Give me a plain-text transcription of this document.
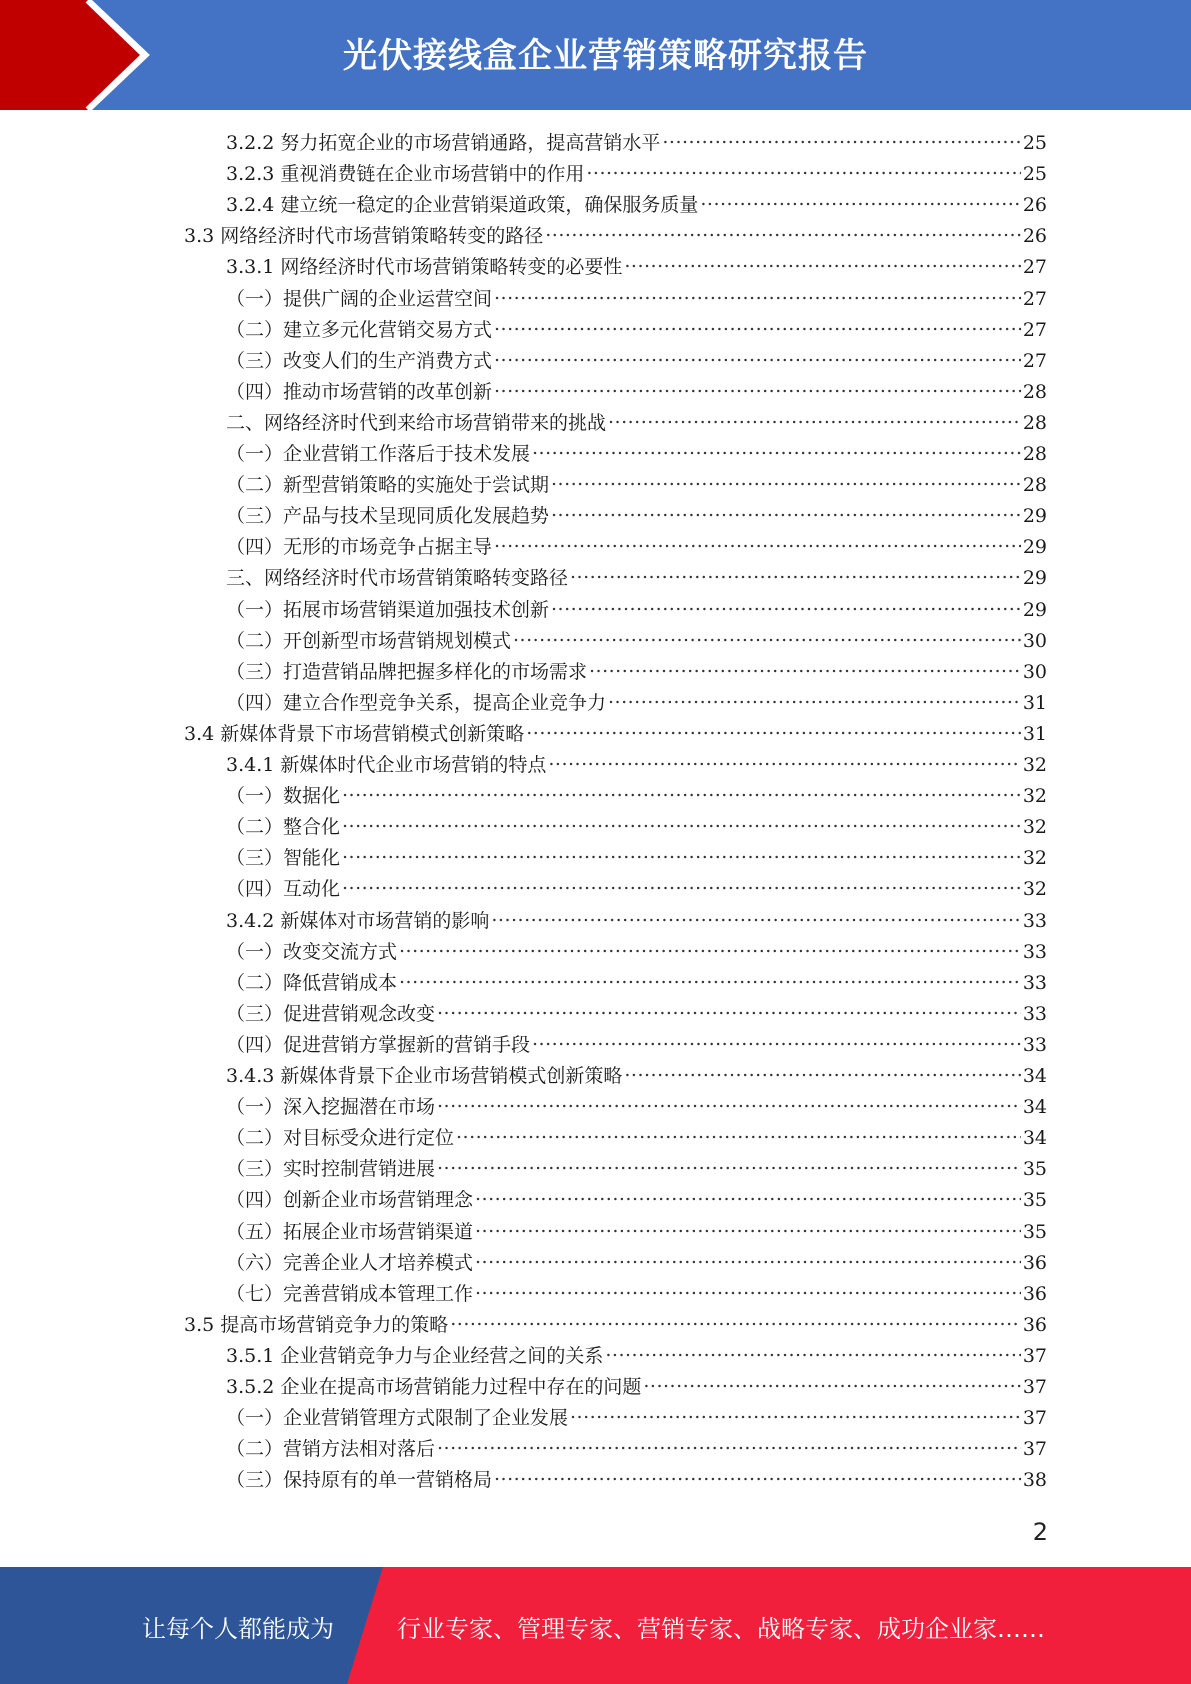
光伏接线盒企业营销策略研究报告
3.2.2 努力拓宽企业的市场营销通路，提高营销水平 .....	25
3.2.3 重视消费链在企业市场营销中的作用 .....	25
3.2.4 建立统一稳定的企业营销渠道政策，确保服务质量 .....	26
3.3 网络经济时代市场营销策略转变的路径 .....	26
3.3.1 网络经济时代市场营销策略转变的必要性 .....	27
（一）提供广阔的企业运营空间 .....	27
（二）建立多元化营销交易方式 .....	27
（三）改变人们的生产消费方式 .....	27
（四）推动市场营销的改革创新 .....	28
二、网络经济时代到来给市场营销带来的挑战 .....	28
（一）企业营销工作落后于技术发展 .....	28
（二）新型营销策略的实施处于尝试期 .....	28
（三）产品与技术呈现同质化发展趋势 .....	29
（四）无形的市场竞争占据主导 .....	29
三、网络经济时代市场营销策略转变路径 .....	29
（一）拓展市场营销渠道加强技术创新 .....	29
（二）开创新型市场营销规划模式 .....	30
（三）打造营销品牌把握多样化的市场需求 .....	30
（四）建立合作型竞争关系，提高企业竞争力 .....	31
3.4 新媒体背景下市场营销模式创新策略 .....	31
3.4.1 新媒体时代企业市场营销的特点 .....	32
（一）数据化 .....	32
（二）整合化 .....	32
（三）智能化 .....	32
（四）互动化 .....	32
3.4.2 新媒体对市场营销的影响 .....	33
（一）改变交流方式 .....	33
（二）降低营销成本 .....	33
（三）促进营销观念改变 .....	33
（四）促进营销方掌握新的营销手段 .....	33
3.4.3 新媒体背景下企业市场营销模式创新策略 .....	34
（一）深入挖掘潜在市场 .....	34
（二）对目标受众进行定位 .....	34
（三）实时控制营销进展 .....	35
（四）创新企业市场营销理念 .....	35
（五）拓展企业市场营销渠道 .....	35
（六）完善企业人才培养模式 .....	36
（七）完善营销成本管理工作 .....	36
3.5 提高市场营销竞争力的策略 .....	36
3.5.1 企业营销竞争力与企业经营之间的关系 .....	37
3.5.2 企业在提高市场营销能力过程中存在的问题 .....	37
（一）企业营销管理方式限制了企业发展 .....	37
（二）营销方法相对落后 .....	37
（三）保持原有的单一营销格局 .....	38
2
让每个人都能成为	行业专家、管理专家、营销专家、战略专家、成功企业家……
